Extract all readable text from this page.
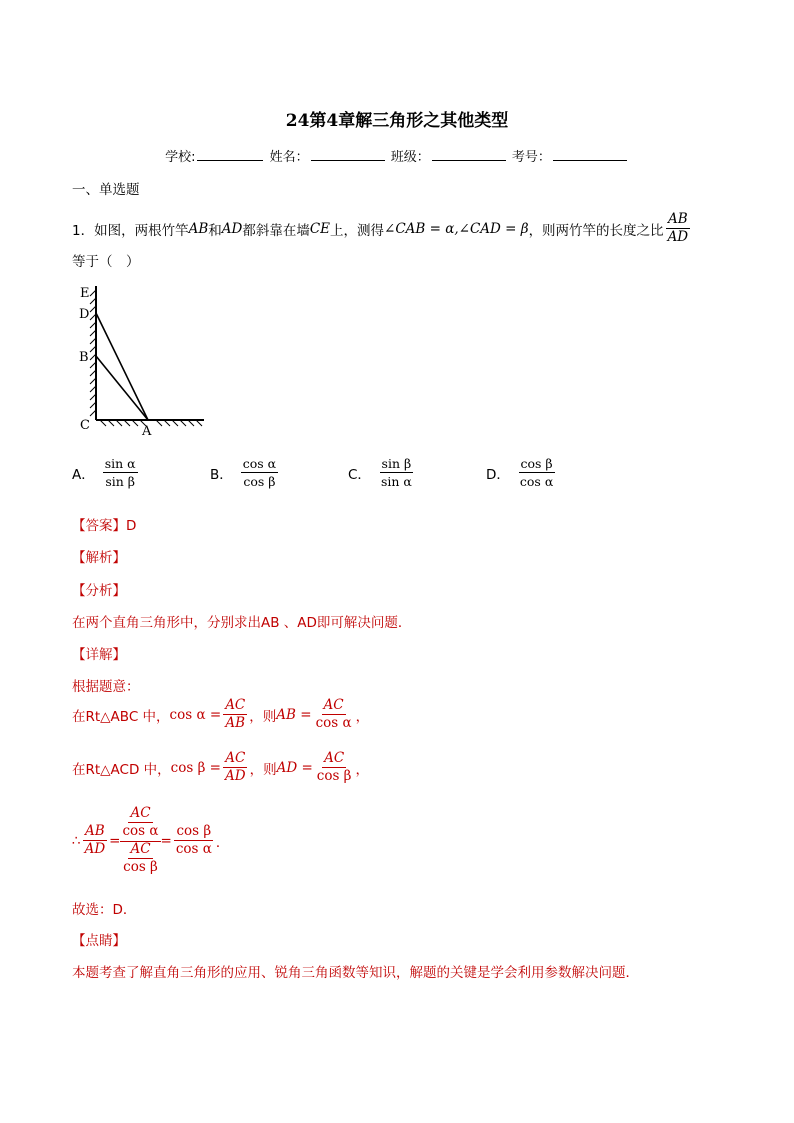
24第4章解三角形之其他类型
学校:	姓名：	班级：	考号：
一、单选题
1．如图，两根竹竿 AB 和 AD 都斜靠在墙 CE 上，测得 ∠CAB = α,∠CAD = β ，则两竹竿的长度之比 $\frac{AB}{AD}$
等于（　）
E
D
B
C	A
A． $\frac{\text{sin α}}{\text{sin β}}$	B． $\frac{\text{cos α}}{\text{cos β}}$	C． $\frac{\text{sin β}}{\text{sin α}}$	D． $\frac{\text{cos β}}{\text{cos α}}$
【答案】D
【解析】
【分析】
在两个直角三角形中，分别求出AB 、AD即可解决问题．
【详解】
根据题意：
在Rt△ABC 中， $\cos \alpha = \frac{AC}{AB}$ ，则 AB = $\frac{AC}{\text{cos α}}$ ，
在Rt△ACD 中， $\cos \beta = \frac{AC}{AD}$ ，则 AD = $\frac{AC}{\text{cos β}}$ ，
∴ $\frac{AB}{AD} = \frac{\frac{AC}{\text{cos α}}}{\frac{AC}{\text{cos β}}} = \frac{\text{cos β}}{\text{cos α}}$ ．
故选：D．
【点睛】
本题考查了解直角三角形的应用、锐角三角函数等知识，解题的关键是学会利用参数解决问题．
